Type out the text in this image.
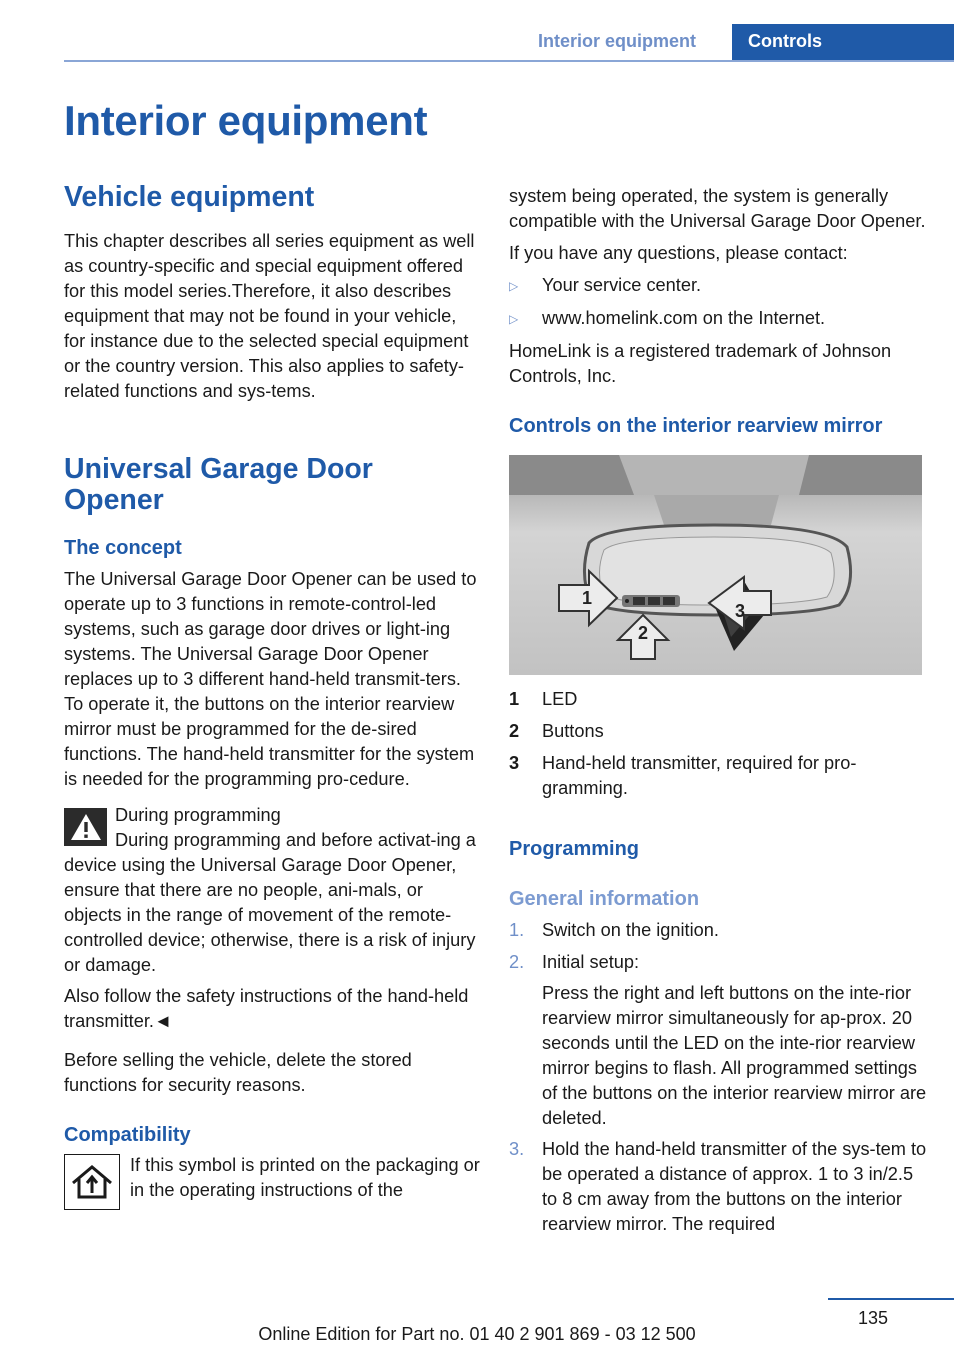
Interior equipment	Controls
Interior equipment
Vehicle equipment

This chapter describes all series equipment as well as country-specific and special equipment offered for this model series.Therefore, it also describes equipment that may not be found in your vehicle, for instance due to the selected special equipment or the country version. This also applies to safety-related functions and sys-tems.

Universal Garage Door Opener
The concept

The Universal Garage Door Opener can be used to operate up to 3 functions in remote-control-led systems, such as garage door drives or light-ing systems. The Universal Garage Door Opener replaces up to 3 different hand-held transmit-ters. To operate it, the buttons on the interior rearview mirror must be programmed for the de-sired functions. The hand-held transmitter for the system is needed for the programming pro-cedure.

During programming

During programming and before activat-ing a device using the Universal Garage Door Opener, ensure that there are no people, ani-mals, or objects in the range of movement of the remote-controlled device; otherwise, there is a risk of injury or damage.

Also follow the safety instructions of the hand-held transmitter.◄

Before selling the vehicle, delete the stored functions for security reasons.

Compatibility

If this symbol is printed on the packaging or in the operating instructions of the

system being operated, the system is generally compatible with the Universal Garage Door Opener.

If you have any questions, please contact:

▷	Your service center.
▷	www.homelink.com on the Internet.

HomeLink is a registered trademark of Johnson Controls, Inc.

Controls on the interior rearview mirror
1
2
3
1	LED
2	Buttons
3	Hand-held transmitter, required for pro-gramming.
Programming
General information
1. Switch on the ignition.
2. Initial setup:

Press the right and left buttons on the inte-rior rearview mirror simultaneously for ap-prox. 20 seconds until the LED on the inte-rior rearview mirror begins to flash. All programmed settings of the buttons on the interior rearview mirror are deleted.

3. Hold the hand-held transmitter of the sys-tem to be operated a distance of approx. 1 to 3 in/2.5 to 8 cm away from the buttons on the interior rearview mirror. The required
135
Online Edition for Part no. 01 40 2 901 869 - 03 12 500
